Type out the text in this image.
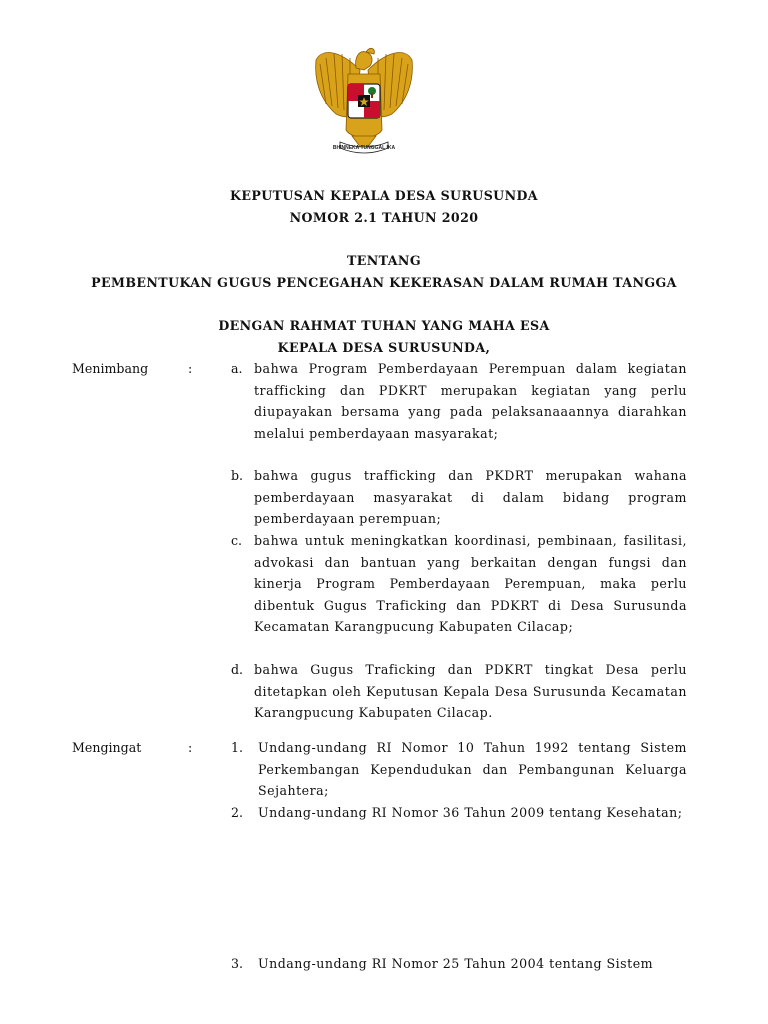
BHINNEKA TUNGGAL IKA
KEPUTUSAN KEPALA DESA SURUSUNDA
NOMOR 2.1 TAHUN 2020
TENTANG
PEMBENTUKAN GUGUS PENCEGAHAN KEKERASAN DALAM RUMAH TANGGA
DENGAN RAHMAT TUHAN YANG MAHA ESA
KEPALA DESA SURUSUNDA,
Menimbang	:	a. bahwa Program Pemberdayaan Perempuan dalam kegiatan trafficking dan PDKRT merupakan kegiatan yang perlu diupayakan bersama yang pada pelaksanaaannya diarahkan melalui pemberdayaan masyarakat;
b. bahwa gugus trafficking dan PKDRT merupakan wahana pemberdayaan masyarakat di dalam bidang program pemberdayaan perempuan;
c. bahwa untuk meningkatkan koordinasi, pembinaan, fasilitasi, advokasi dan bantuan yang berkaitan dengan fungsi dan kinerja Program Pemberdayaan Perempuan, maka perlu dibentuk Gugus Traficking dan PDKRT di Desa Surusunda Kecamatan Karangpucung Kabupaten Cilacap;
d. bahwa Gugus Traficking dan PDKRT tingkat Desa perlu ditetapkan oleh Keputusan Kepala Desa Surusunda Kecamatan Karangpucung Kabupaten Cilacap.
Mengingat	:	1. Undang-undang RI Nomor 10 Tahun 1992 tentang Sistem Perkembangan Kependudukan dan Pembangunan Keluarga Sejahtera;
2. Undang-undang RI Nomor 36 Tahun 2009 tentang Kesehatan;
3. Undang-undang RI Nomor 25 Tahun 2004 tentang Sistem
